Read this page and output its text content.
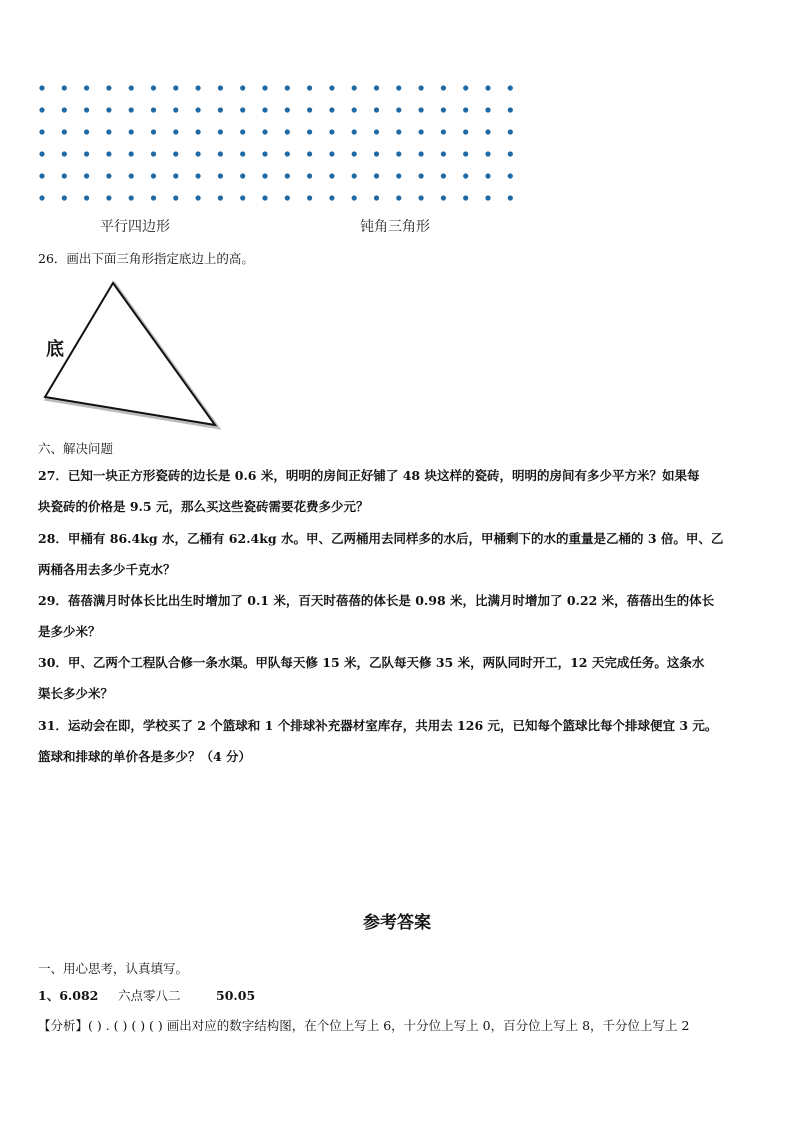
平行四边形	钝角三角形
26．画出下面三角形指定底边上的高。
底
六、解决问题
27．已知一块正方形瓷砖的边长是 0.6 米，明明的房间正好铺了 48 块这样的瓷砖，明明的房间有多少平方米？如果每
块瓷砖的价格是 9.5 元，那么买这些瓷砖需要花费多少元？
28．甲桶有 86.4kg 水，乙桶有 62.4kg 水。甲、乙两桶用去同样多的水后，甲桶剩下的水的重量是乙桶的 3 倍。甲、乙
两桶各用去多少千克水？
29．蓓蓓满月时体长比出生时增加了 0.1 米，百天时蓓蓓的体长是 0.98 米，比满月时增加了 0.22 米，蓓蓓出生的体长
是多少米？
30．甲、乙两个工程队合修一条水渠。甲队每天修 15 米，乙队每天修 35 米，两队同时开工，12 天完成任务。这条水
渠长多少米？
31．运动会在即，学校买了 2 个篮球和 1 个排球补充器材室库存，共用去 126 元，已知每个篮球比每个排球便宜 3 元。
篮球和排球的单价各是多少？（4 分）
参考答案
一、用心思考，认真填写。
1、6.082 六点零八二	50.05
【分析】( ) . ( ) ( ) ( ) 画出对应的数字结构图，在个位上写上 6，十分位上写上 0，百分位上写上 8，千分位上写上 2
